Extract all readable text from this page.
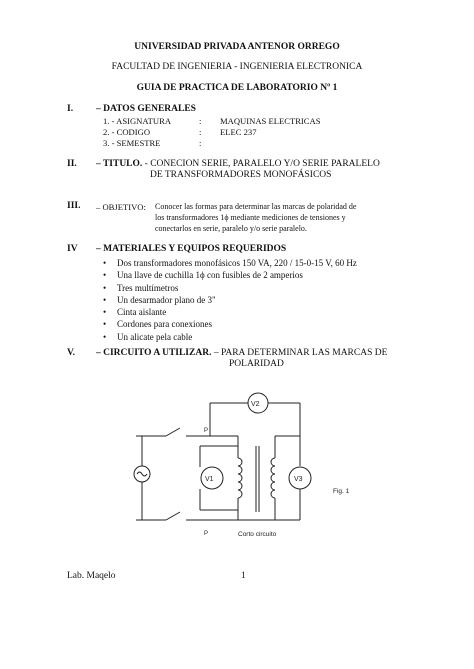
UNIVERSIDAD PRIVADA ANTENOR ORREGO
FACULTAD DE INGENIERIA - INGENIERIA ELECTRONICA
GUIA DE PRACTICA DE LABORATORIO Nº 1
I. – DATOS GENERALES
1. - ASIGNATURA	: MAQUINAS ELECTRICAS
2. - CODIGO	: ELEC 237
3. - SEMESTRE	:
II. – TITULO. - CONECION SERIE, PARALELO Y/O SERIE PARALELO
DE TRANSFORMADORES MONOFÁSICOS
III. – OBJETIVO: Conocer las formas para determinar las marcas de polaridad de
los transformadores 1ϕ mediante mediciones de tensiones y
conectarlos en serie, paralelo y/o serie paralelo.
IV – MATERIALES Y EQUIPOS REQUERIDOS
• Dos transformadores monofásicos 150 VA, 220 / 15-0-15 V, 60 Hz
• Una llave de cuchilla 1ϕ con fusibles de 2 amperios
• Tres multímetros
• Un desarmador plano de 3"
• Cinta aislante
• Cordones para conexiones
• Un alicate pela cable
V. – CIRCUITO A UTILIZAR. – PARA DETERMINAR LAS MARCAS DE
POLARIDAD
V2
V1	V3
P
P	Corto circuito
Fig. 1
Lab. Maqelo	1
